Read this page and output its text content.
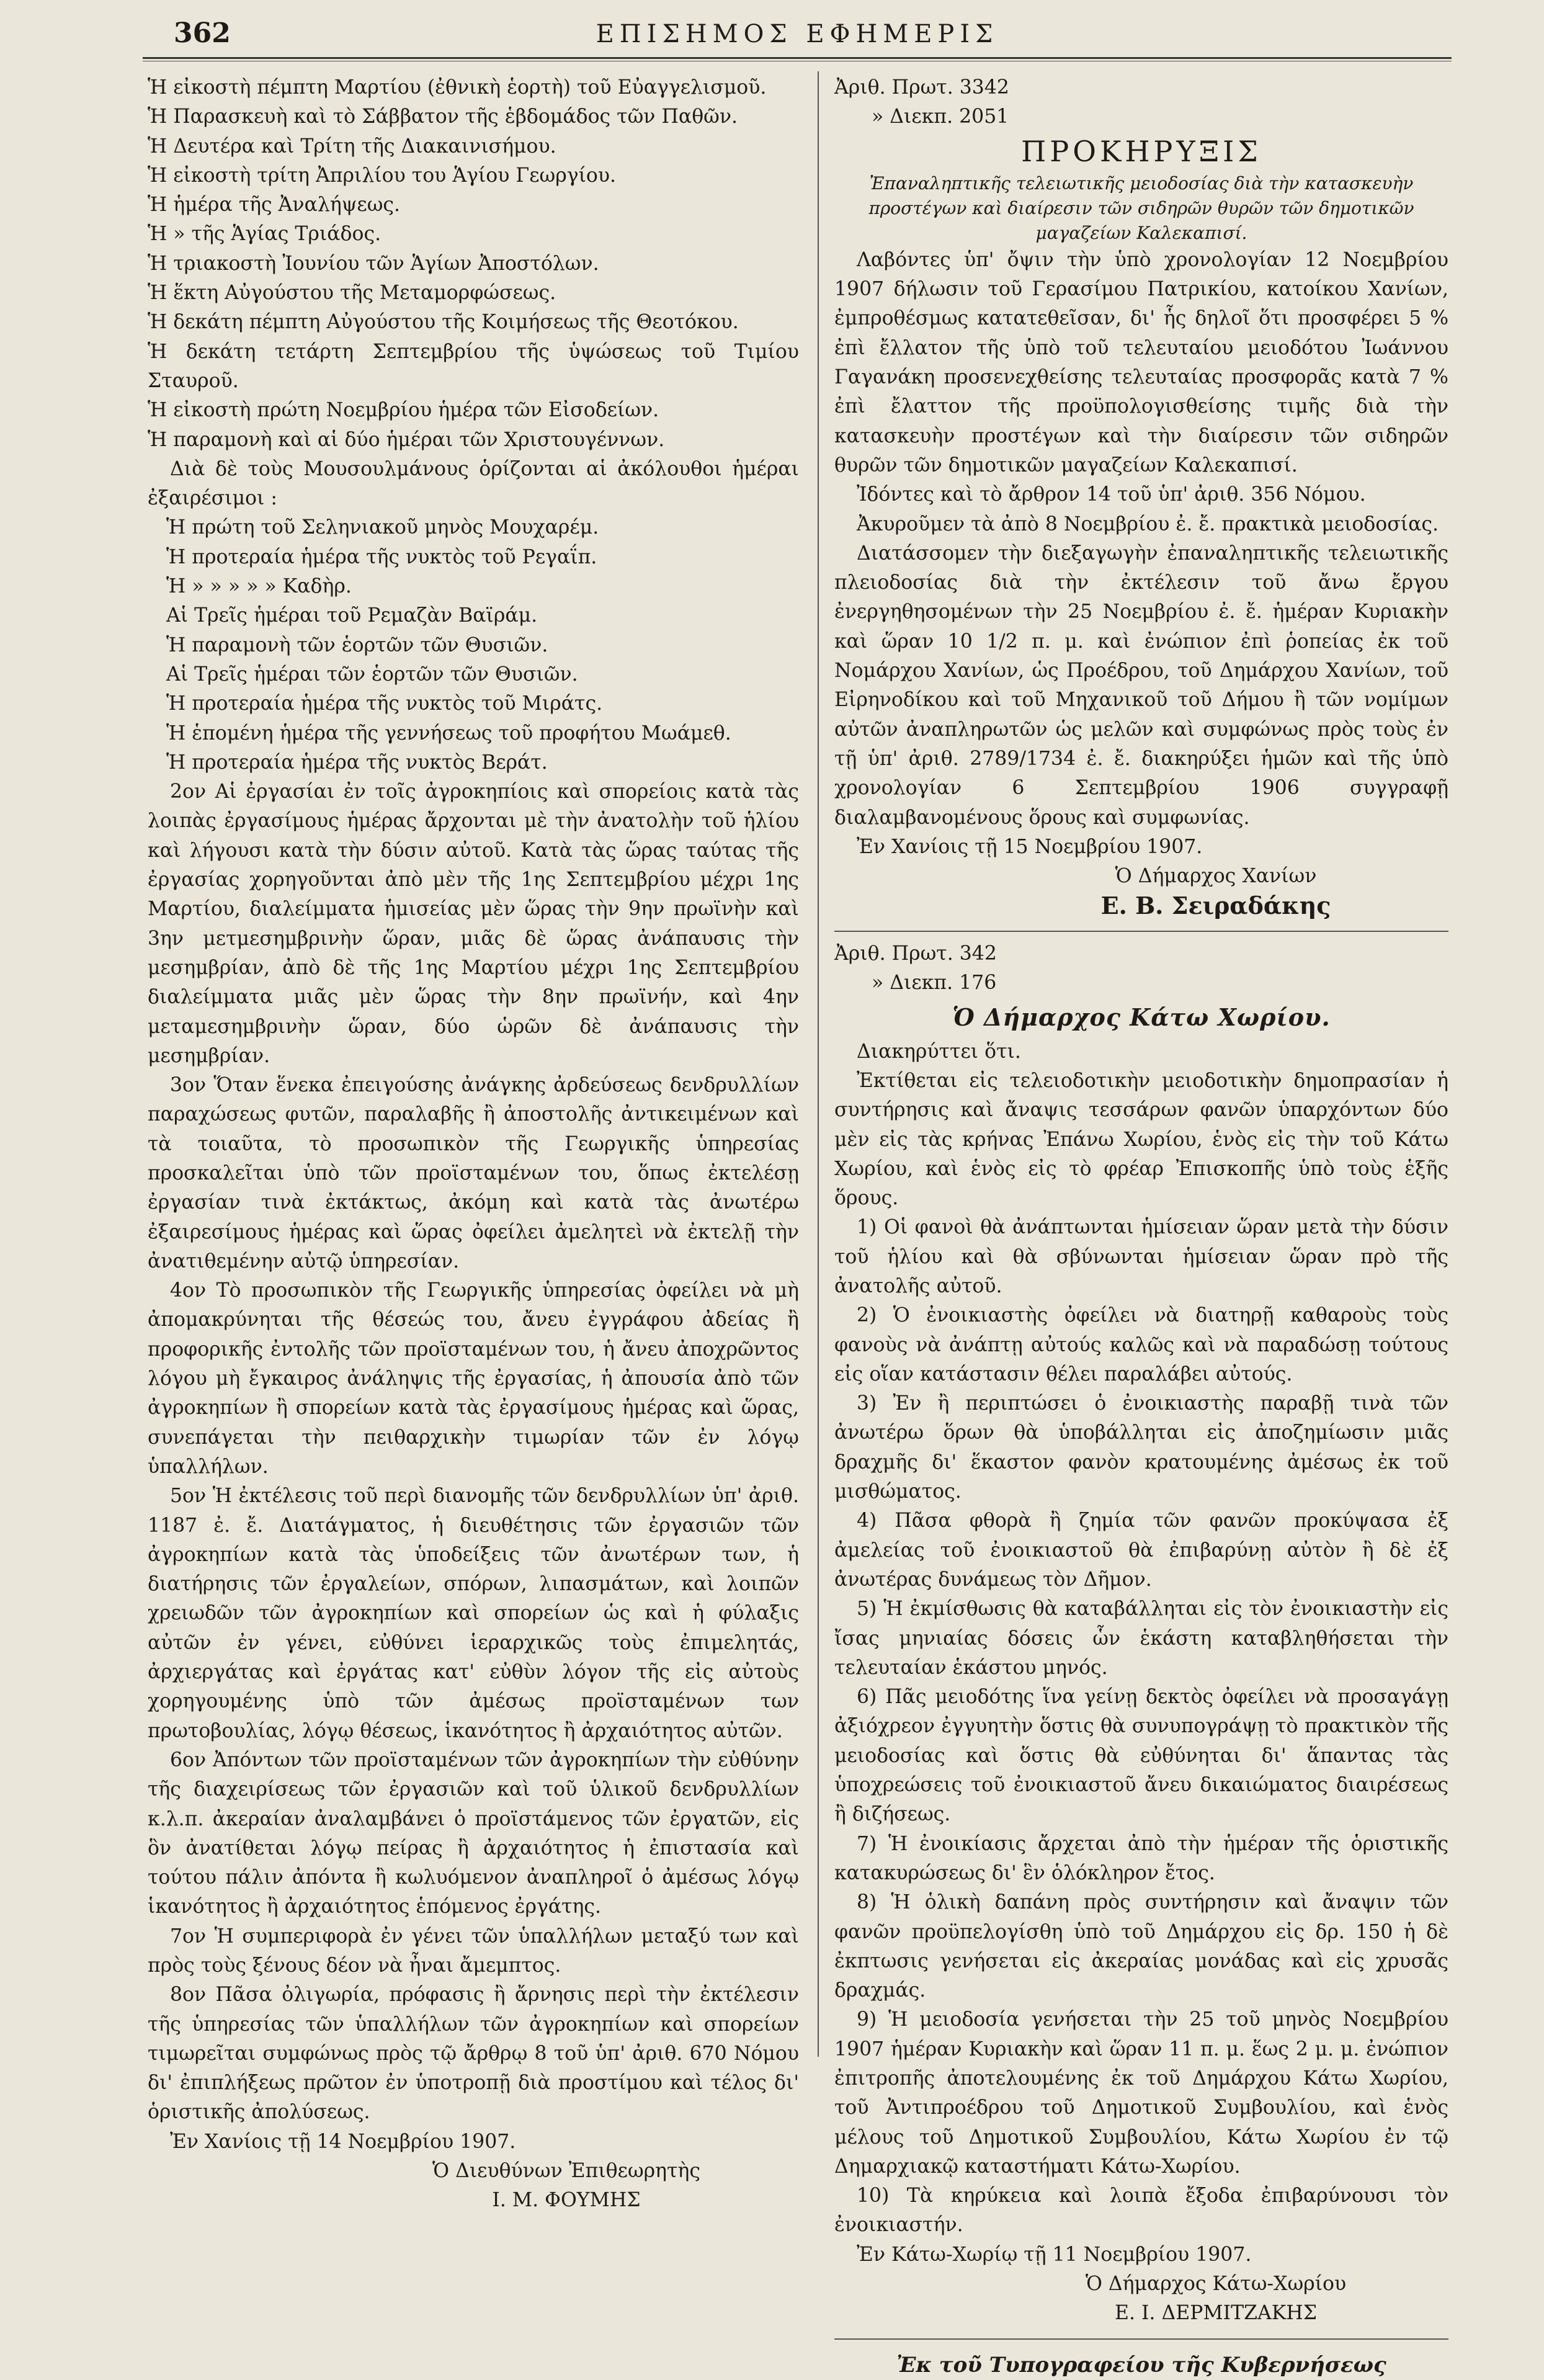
362	ΕΠΙΣΗΜΟΣ ΕΦΗΜΕΡΙΣ

Ἡ εἰκοστὴ πέμπτη Μαρτίου (ἐθνικὴ ἑορτὴ) τοῦ Εὐαγγελισμοῦ.

Ἡ Παρασκευὴ καὶ τὸ Σάββατον τῆς ἑβδομάδος τῶν Παθῶν.

Ἡ Δευτέρα καὶ Τρίτη τῆς Διακαινισήμου.

Ἡ εἰκοστὴ τρίτη Ἀπριλίου του Ἁγίου Γεωργίου.

Ἡ ἡμέρα τῆς Ἀναλήψεως.

Ἡ » τῆς Ἁγίας Τριάδος.

Ἡ τριακοστὴ Ἰουνίου τῶν Ἁγίων Ἀποστόλων.

Ἡ ἕκτη Αὐγούστου τῆς Μεταμορφώσεως.

Ἡ δεκάτη πέμπτη Αὐγούστου τῆς Κοιμήσεως τῆς Θεοτόκου.

Ἡ δεκάτη τετάρτη Σεπτεμβρίου τῆς ὑψώσεως τοῦ Τιμίου Σταυροῦ.

Ἡ εἰκοστὴ πρώτη Νοεμβρίου ἡμέρα τῶν Εἰσοδείων.

Ἡ παραμονὴ καὶ αἱ δύο ἡμέραι τῶν Χριστουγέννων.

Διὰ δὲ τοὺς Μουσουλμάνους ὁρίζονται αἱ ἀκόλουθοι ἡμέραι ἐξαιρέσιμοι :

Ἡ πρώτη τοῦ Σεληνιακοῦ μηνὸς Μουχαρέμ.

Ἡ προτεραία ἡμέρα τῆς νυκτὸς τοῦ Ρεγαΐπ.

Ἡ » » » » » Καδὴρ.

Αἱ Τρεῖς ἡμέραι τοῦ Ρεμαζὰν Βαϊράμ.

Ἡ παραμονὴ τῶν ἑορτῶν τῶν Θυσιῶν.

Αἱ Τρεῖς ἡμέραι τῶν ἑορτῶν τῶν Θυσιῶν.

Ἡ προτεραία ἡμέρα τῆς νυκτὸς τοῦ Μιράτς.

Ἡ ἑπομένη ἡμέρα τῆς γεννήσεως τοῦ προφήτου Μωάμεθ.

Ἡ προτεραία ἡμέρα τῆς νυκτὸς Βεράτ.

2ον Αἱ ἐργασίαι ἐν τοῖς ἀγροκηπίοις καὶ σπορείοις κατὰ τὰς λοιπὰς ἐργασίμους ἡμέρας ἄρχονται μὲ τὴν ἀνατολὴν τοῦ ἡλίου καὶ λήγουσι κατὰ τὴν δύσιν αὐτοῦ. Κατὰ τὰς ὥρας ταύτας τῆς ἐργασίας χορηγοῦνται ἀπὸ μὲν τῆς 1ης Σεπτεμβρίου μέχρι 1ης Μαρτίου, διαλείμματα ἡμισείας μὲν ὥρας τὴν 9ην πρωϊνὴν καὶ 3ην μετμεσημβρινὴν ὥραν, μιᾶς δὲ ὥρας ἀνάπαυσις τὴν μεσημβρίαν, ἀπὸ δὲ τῆς 1ης Μαρτίου μέχρι 1ης Σεπτεμβρίου διαλείμματα μιᾶς μὲν ὥρας τὴν 8ην πρωϊνήν, καὶ 4ην μεταμεσημβρινὴν ὥραν, δύο ὡρῶν δὲ ἀνάπαυσις τὴν μεσημβρίαν.

3ον Ὅταν ἕνεκα ἐπειγούσης ἀνάγκης ἀρδεύσεως δενδρυλλίων παραχώσεως φυτῶν, παραλαβῆς ἢ ἀποστολῆς ἀντικειμένων καὶ τὰ τοιαῦτα, τὸ προσωπικὸν τῆς Γεωργικῆς ὑπηρεσίας προσκαλεῖται ὑπὸ τῶν προϊσταμένων του, ὅπως ἐκτελέσῃ ἐργασίαν τινὰ ἐκτάκτως, ἀκόμη καὶ κατὰ τὰς ἀνωτέρω ἐξαιρεσίμους ἡμέρας καὶ ὥρας ὀφείλει ἀμελητεὶ νὰ ἐκτελῇ τὴν ἀνατιθεμένην αὐτῷ ὑπηρεσίαν.

4ον Τὸ προσωπικὸν τῆς Γεωργικῆς ὑπηρεσίας ὀφείλει νὰ μὴ ἀπομακρύνηται τῆς θέσεώς του, ἄνευ ἐγγράφου ἀδείας ἢ προφορικῆς ἐντολῆς τῶν προϊσταμένων του, ἡ ἄνευ ἀποχρῶντος λόγου μὴ ἔγκαιρος ἀνάληψις τῆς ἐργασίας, ἡ ἀπουσία ἀπὸ τῶν ἀγροκηπίων ἢ σπορείων κατὰ τὰς ἐργασίμους ἡμέρας καὶ ὥρας, συνεπάγεται τὴν πειθαρχικὴν τιμωρίαν τῶν ἐν λόγῳ ὑπαλλήλων.

5ον Ἡ ἐκτέλεσις τοῦ περὶ διανομῆς τῶν δενδρυλλίων ὑπ' ἀριθ. 1187 ἐ. ἔ. Διατάγματος, ἡ διευθέτησις τῶν ἐργασιῶν τῶν ἀγροκηπίων κατὰ τὰς ὑποδείξεις τῶν ἀνωτέρων των, ἡ διατήρησις τῶν ἐργαλείων, σπόρων, λιπασμάτων, καὶ λοιπῶν χρειωδῶν τῶν ἀγροκηπίων καὶ σπορείων ὡς καὶ ἡ φύλαξις αὐτῶν ἐν γένει, εὐθύνει ἱεραρχικῶς τοὺς ἐπιμελητάς, ἀρχιεργάτας καὶ ἐργάτας κατ' εὐθὺν λόγον τῆς εἰς αὐτοὺς χορηγουμένης ὑπὸ τῶν ἀμέσως προϊσταμένων των πρωτοβουλίας, λόγῳ θέσεως, ἱκανότητος ἢ ἀρχαιότητος αὐτῶν.

6ον Ἀπόντων τῶν προϊσταμένων τῶν ἀγροκηπίων τὴν εὐθύνην τῆς διαχειρίσεως τῶν ἐργασιῶν καὶ τοῦ ὑλικοῦ δενδρυλλίων κ.λ.π. ἀκεραίαν ἀναλαμβάνει ὁ προϊστάμενος τῶν ἐργατῶν, εἰς ὃν ἀνατίθεται λόγῳ πείρας ἢ ἀρχαιότητος ἡ ἐπιστασία καὶ τούτου πάλιν ἀπόντα ἢ κωλυόμενον ἀναπληροῖ ὁ ἀμέσως λόγῳ ἱκανότητος ἢ ἀρχαιότητος ἑπόμενος ἐργάτης.

7ον Ἡ συμπεριφορὰ ἐν γένει τῶν ὑπαλλήλων μεταξύ των καὶ πρὸς τοὺς ξένους δέον νὰ ἦναι ἄμεμπτος.

8ον Πᾶσα ὀλιγωρία, πρόφασις ἢ ἄρνησις περὶ τὴν ἐκτέλεσιν τῆς ὑπηρεσίας τῶν ὑπαλλήλων τῶν ἀγροκηπίων καὶ σπορείων τιμωρεῖται συμφώνως πρὸς τῷ ἄρθρῳ 8 τοῦ ὑπ' ἀριθ. 670 Νόμου δι' ἐπιπλήξεως πρῶτον ἐν ὑποτροπῇ διὰ προστίμου καὶ τέλος δι' ὁριστικῆς ἀπολύσεως.

Ἐν Χανίοις τῇ 14 Νοεμβρίου 1907.

Ὁ Διευθύνων Ἐπιθεωρητὴς

Ι. Μ. ΦΟΥΜΗΣ

Ἀριθ. Πρωτ. 3342

» Διεκπ. 2051

ΠΡΟΚΗΡΥΞΙΣ

Ἐπαναληπτικῆς τελειωτικῆς μειοδοσίας διὰ τὴν κατασκευὴν προστέγων καὶ διαίρεσιν τῶν σιδηρῶν θυρῶν τῶν δημοτικῶν μαγαζείων Καλεκαπισί.

Λαβόντες ὑπ' ὄψιν τὴν ὑπὸ χρονολογίαν 12 Νοεμβρίου 1907 δήλωσιν τοῦ Γερασίμου Πατρικίου, κατοίκου Χανίων, ἐμπροθέσμως κατατεθεῖσαν, δι' ἧς δηλοῖ ὅτι προσφέρει 5 % ἐπὶ ἔλλατον τῆς ὑπὸ τοῦ τελευταίου μειοδότου Ἰωάννου Γαγανάκη προσενεχθείσης τελευταίας προσφορᾶς κατὰ 7 % ἐπὶ ἔλαττον τῆς προϋπολογισθείσης τιμῆς διὰ τὴν κατασκευὴν προστέγων καὶ τὴν διαίρεσιν τῶν σιδηρῶν θυρῶν τῶν δημοτικῶν μαγαζείων Καλεκαπισί.

Ἰδόντες καὶ τὸ ἄρθρον 14 τοῦ ὑπ' ἀριθ. 356 Νόμου.

Ἀκυροῦμεν τὰ ἀπὸ 8 Νοεμβρίου ἐ. ἔ. πρακτικὰ μειοδοσίας.

Διατάσσομεν τὴν διεξαγωγὴν ἐπαναληπτικῆς τελειωτικῆς πλειοδοσίας διὰ τὴν ἐκτέλεσιν τοῦ ἄνω ἔργου ἐνεργηθησομένων τὴν 25 Νοεμβρίου ἐ. ἔ. ἡμέραν Κυριακὴν καὶ ὥραν 10 1/2 π. μ. καὶ ἐνώπιον ἐπὶ ῥοπείας ἐκ τοῦ Νομάρχου Χανίων, ὡς Προέδρου, τοῦ Δημάρχου Χανίων, τοῦ Εἰρηνοδίκου καὶ τοῦ Μηχανικοῦ τοῦ Δήμου ἢ τῶν νομίμων αὐτῶν ἀναπληρωτῶν ὡς μελῶν καὶ συμφώνως πρὸς τοὺς ἐν τῇ ὑπ' ἀριθ. 2789/1734 ἐ. ἔ. διακηρύξει ἡμῶν καὶ τῆς ὑπὸ χρονολογίαν 6 Σεπτεμβρίου 1906 συγγραφῇ διαλαμβανομένους ὅρους καὶ συμφωνίας.

Ἐν Χανίοις τῇ 15 Νοεμβρίου 1907.

Ὁ Δήμαρχος Χανίων

Ε. Β. Σειραδάκης

Ἀριθ. Πρωτ. 342

» Διεκπ. 176

Ὁ Δήμαρχος Κάτω Χωρίου.

Διακηρύττει ὅτι.

Ἐκτίθεται εἰς τελειοδοτικὴν μειοδοτικὴν δημοπρασίαν ἡ συντήρησις καὶ ἄναψις τεσσάρων φανῶν ὑπαρχόντων δύο μὲν εἰς τὰς κρήνας Ἐπάνω Χωρίου, ἑνὸς εἰς τὴν τοῦ Κάτω Χωρίου, καὶ ἑνὸς εἰς τὸ φρέαρ Ἐπισκοπῆς ὑπὸ τοὺς ἑξῆς ὅρους.

1) Οἱ φανοὶ θὰ ἀνάπτωνται ἡμίσειαν ὥραν μετὰ τὴν δύσιν τοῦ ἡλίου καὶ θὰ σβύνωνται ἡμίσειαν ὥραν πρὸ τῆς ἀνατολῆς αὐτοῦ.

2) Ὁ ἐνοικιαστὴς ὀφείλει νὰ διατηρῇ καθαροὺς τοὺς φανοὺς νὰ ἀνάπτῃ αὐτούς καλῶς καὶ νὰ παραδώσῃ τούτους εἰς οἵαν κατάστασιν θέλει παραλάβει αὐτούς.

3) Ἐν ἢ περιπτώσει ὁ ἐνοικιαστὴς παραβῇ τινὰ τῶν ἀνωτέρω ὅρων θὰ ὑποβάλληται εἰς ἀποζημίωσιν μιᾶς δραχμῆς δι' ἕκαστον φανὸν κρατουμένης ἀμέσως ἐκ τοῦ μισθώματος.

4) Πᾶσα φθορὰ ἢ ζημία τῶν φανῶν προκύψασα ἐξ ἀμελείας τοῦ ἐνοικιαστοῦ θὰ ἐπιβαρύνῃ αὐτὸν ἢ δὲ ἐξ ἀνωτέρας δυνάμεως τὸν Δῆμον.

5) Ἡ ἐκμίσθωσις θὰ καταβάλληται εἰς τὸν ἐνοικιαστὴν εἰς ἴσας μηνιαίας δόσεις ὧν ἑκάστη καταβληθήσεται τὴν τελευταίαν ἑκάστου μηνός.

6) Πᾶς μειοδότης ἵνα γείνῃ δεκτὸς ὀφείλει νὰ προσαγάγῃ ἀξιόχρεον ἐγγυητὴν ὅστις θὰ συνυπογράψῃ τὸ πρακτικὸν τῆς μειοδοσίας καὶ ὅστις θὰ εὐθύνηται δι' ἅπαντας τὰς ὑποχρεώσεις τοῦ ἐνοικιαστοῦ ἄνευ δικαιώματος διαιρέσεως ἢ διζήσεως.

7) Ἡ ἐνοικίασις ἄρχεται ἀπὸ τὴν ἡμέραν τῆς ὁριστικῆς κατακυρώσεως δι' ἓν ὁλόκληρον ἔτος.

8) Ἡ ὁλικὴ δαπάνη πρὸς συντήρησιν καὶ ἄναψιν τῶν φανῶν προϋπελογίσθη ὑπὸ τοῦ Δημάρχου εἰς δρ. 150 ἡ δὲ ἐκπτωσις γενήσεται εἰς ἀκεραίας μονάδας καὶ εἰς χρυσᾶς δραχμάς.

9) Ἡ μειοδοσία γενήσεται τὴν 25 τοῦ μηνὸς Νοεμβρίου 1907 ἡμέραν Κυριακὴν καὶ ὥραν 11 π. μ. ἕως 2 μ. μ. ἐνώπιον ἐπιτροπῆς ἀποτελουμένης ἐκ τοῦ Δημάρχου Κάτω Χωρίου, τοῦ Ἀντιπροέδρου τοῦ Δημοτικοῦ Συμβουλίου, καὶ ἑνὸς μέλους τοῦ Δημοτικοῦ Συμβουλίου, Κάτω Χωρίου ἐν τῷ Δημαρχιακῷ καταστήματι Κάτω-Χωρίου.

10) Τὰ κηρύκεια καὶ λοιπὰ ἔξοδα ἐπιβαρύνουσι τὸν ἐνοικιαστήν.

Ἐν Κάτω-Χωρίῳ τῇ 11 Νοεμβρίου 1907.

Ὁ Δήμαρχος Κάτω-Χωρίου

Ε. Ι. ΔΕΡΜΙΤΖΑΚΗΣ

Ἐκ τοῦ Τυπογραφείου τῆς Κυβερνήσεως
